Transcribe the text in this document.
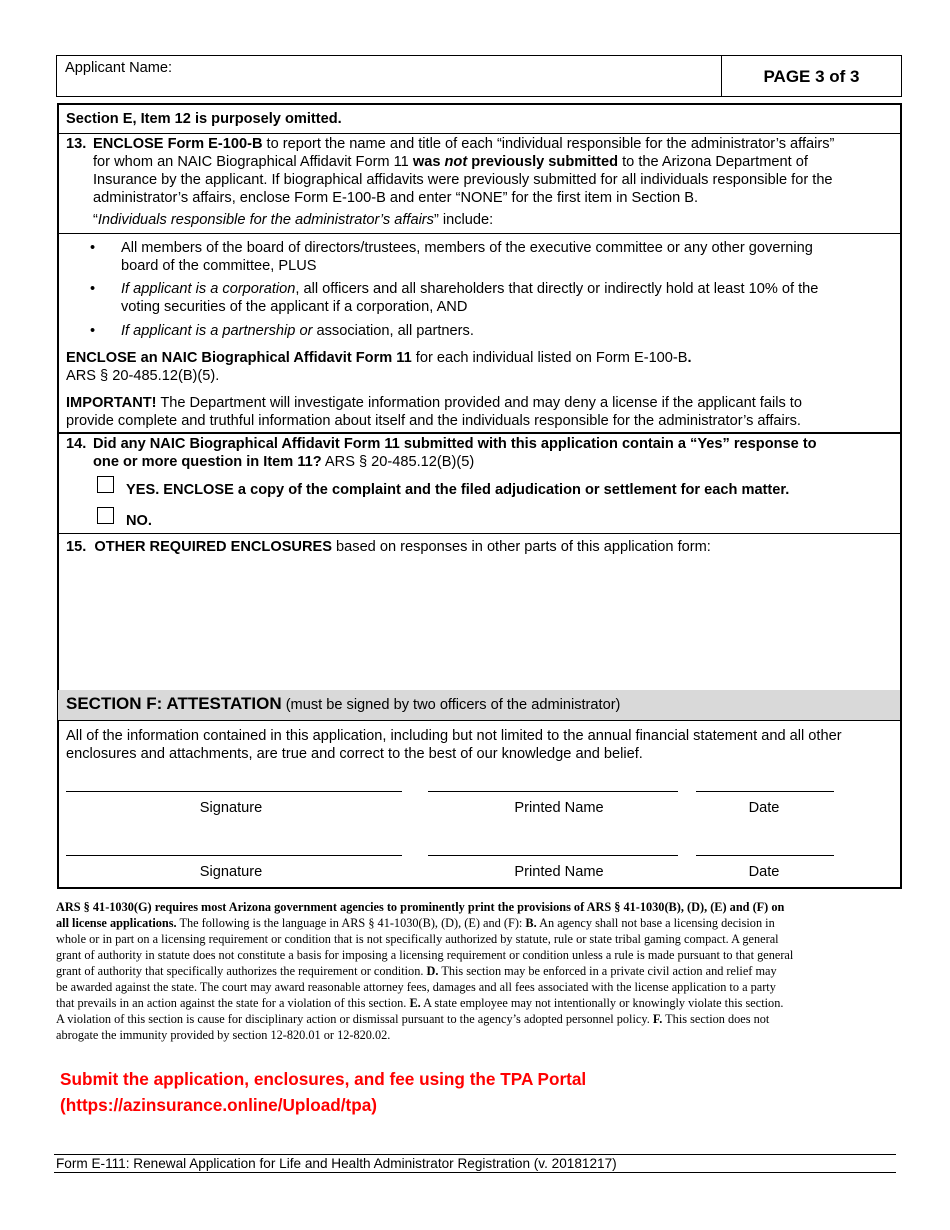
Applicant Name:	PAGE 3 of 3
Section E, Item 12 is purposely omitted.
13. ENCLOSE Form E-100-B to report the name and title of each “individual responsible for the administrator’s affairs”
for whom an NAIC Biographical Affidavit Form 11 was not previously submitted to the Arizona Department of
Insurance by the applicant. If biographical affidavits were previously submitted for all individuals responsible for the
administrator’s affairs, enclose Form E-100-B and enter “NONE” for the first item in Section B.
“Individuals responsible for the administrator’s affairs” include:
• All members of the board of directors/trustees, members of the executive committee or any other governing
board of the committee, PLUS
• If applicant is a corporation, all officers and all shareholders that directly or indirectly hold at least 10% of the
voting securities of the applicant if a corporation, AND
• If applicant is a partnership or association, all partners.
ENCLOSE an NAIC Biographical Affidavit Form 11 for each individual listed on Form E-100-B.
ARS § 20-485.12(B)(5).
IMPORTANT! The Department will investigate information provided and may deny a license if the applicant fails to
provide complete and truthful information about itself and the individuals responsible for the administrator’s affairs.
14. Did any NAIC Biographical Affidavit Form 11 submitted with this application contain a “Yes” response to
one or more question in Item 11? ARS § 20-485.12(B)(5)
YES. ENCLOSE a copy of the complaint and the filed adjudication or settlement for each matter.
NO.
15. OTHER REQUIRED ENCLOSURES based on responses in other parts of this application form:
SECTION F: ATTESTATION (must be signed by two officers of the administrator)
All of the information contained in this application, including but not limited to the annual financial statement and all other
enclosures and attachments, are true and correct to the best of our knowledge and belief.
Signature	Printed Name	Date
Signature	Printed Name	Date
ARS § 41-1030(G) requires most Arizona government agencies to prominently print the provisions of ARS § 41-1030(B), (D), (E) and (F) on
all license applications. The following is the language in ARS § 41-1030(B), (D), (E) and (F): B. An agency shall not base a licensing decision in
whole or in part on a licensing requirement or condition that is not specifically authorized by statute, rule or state tribal gaming compact. A general
grant of authority in statute does not constitute a basis for imposing a licensing requirement or condition unless a rule is made pursuant to that general
grant of authority that specifically authorizes the requirement or condition. D. This section may be enforced in a private civil action and relief may
be awarded against the state. The court may award reasonable attorney fees, damages and all fees associated with the license application to a party
that prevails in an action against the state for a violation of this section. E. A state employee may not intentionally or knowingly violate this section.
A violation of this section is cause for disciplinary action or dismissal pursuant to the agency’s adopted personnel policy. F. This section does not
abrogate the immunity provided by section 12-820.01 or 12-820.02.
Submit the application, enclosures, and fee using the TPA Portal
(https://azinsurance.online/Upload/tpa)
Form E-111: Renewal Application for Life and Health Administrator Registration (v. 20181217)
